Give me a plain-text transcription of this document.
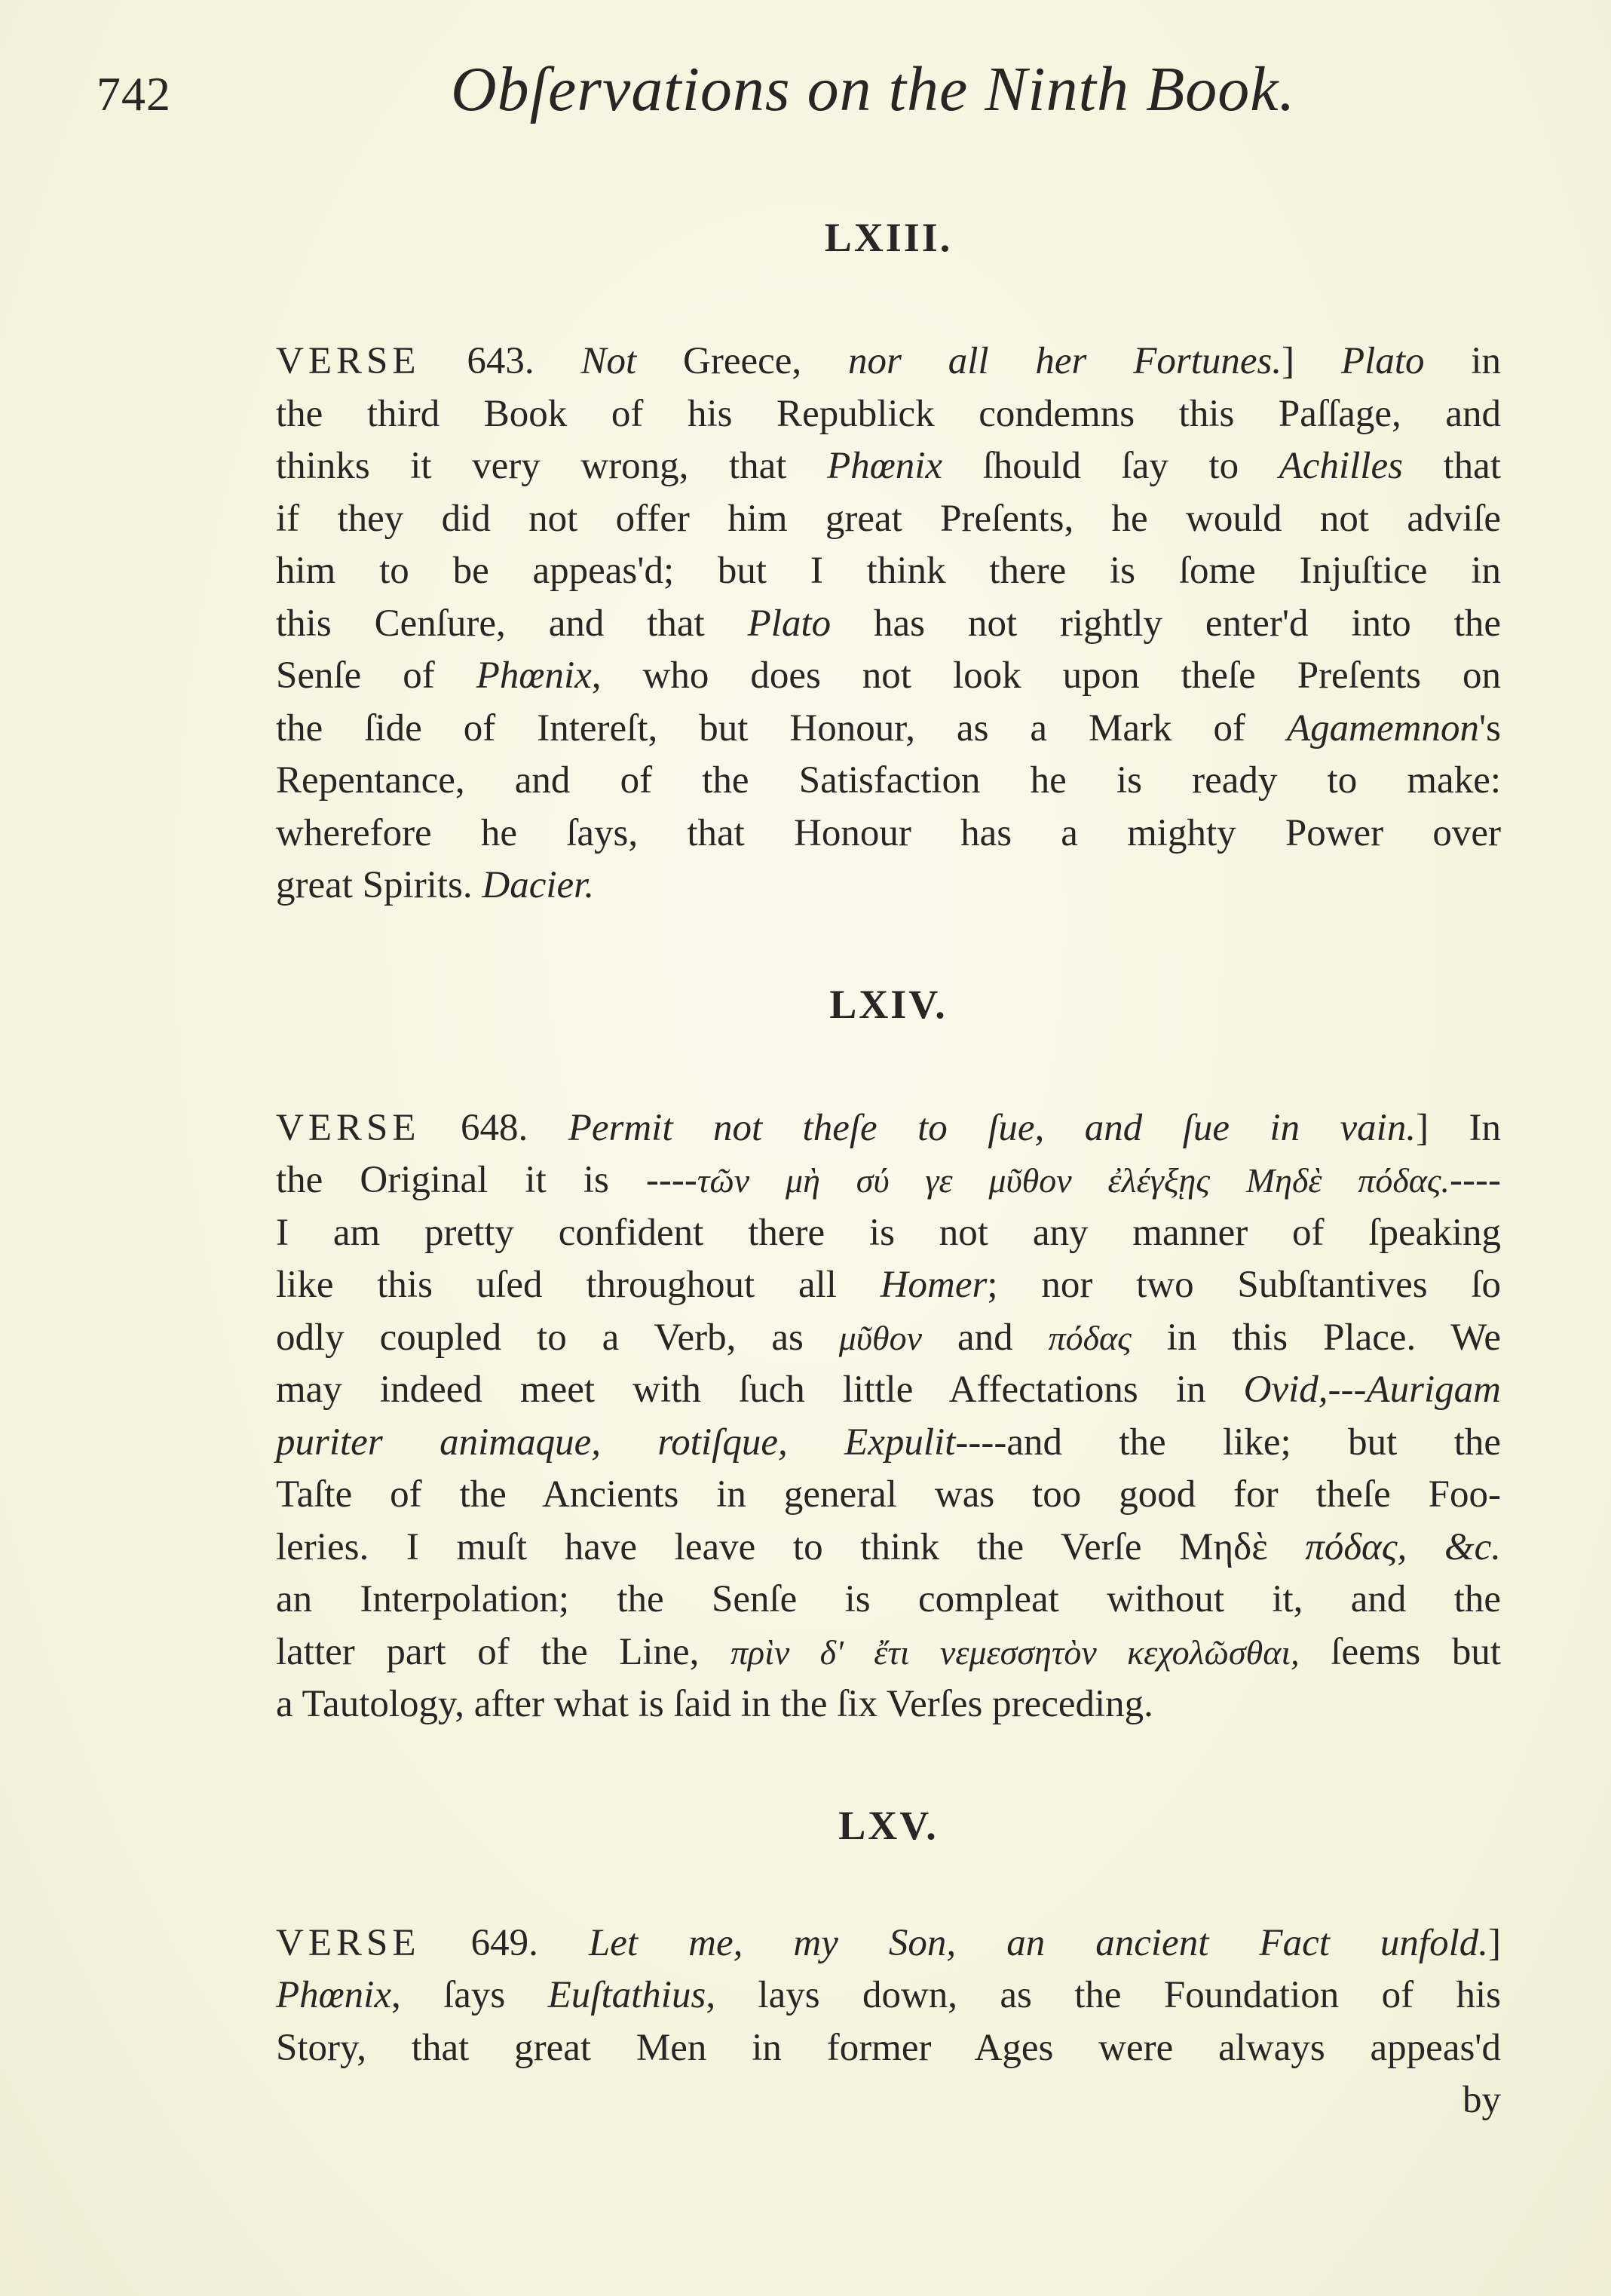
742	Obſervations on the Ninth Book.
LXIII.
VERSE 643. Not Greece, nor all her Fortunes.] Plato in
the third Book of his Republick condemns this Paſſage, and
thinks it very wrong, that Phœnix ſhould ſay to Achilles that
if they did not offer him great Preſents, he would not adviſe
him to be appeas'd; but I think there is ſome Injuſtice in
this Cenſure, and that Plato has not rightly enter'd into the
Senſe of Phœnix, who does not look upon theſe Preſents on
the ſide of Intereſt, but Honour, as a Mark of Agamemnon's
Repentance, and of the Satisfaction he is ready to make:
wherefore he ſays, that Honour has a mighty Power over
great Spirits. Dacier.
LXIV.
VERSE 648. Permit not theſe to ſue, and ſue in vain.] In
the Original it is ----τῶν μὴ σύ γε μῦθον ἐλέγξῃς Μηδὲ πόδας.----
I am pretty confident there is not any manner of ſpeaking
like this uſed throughout all Homer; nor two Subſtantives ſo
odly coupled to a Verb, as μῦθον and πόδας in this Place. We
may indeed meet with ſuch little Affectations in Ovid,---Aurigam
puriter animaque, rotiſque, Expulit----and the like; but the
Taſte of the Ancients in general was too good for theſe Foo-
leries. I muſt have leave to think the Verſe Μηδὲ πόδας, &c.
an Interpolation; the Senſe is compleat without it, and the
latter part of the Line, πρὶν δ' ἔτι νεμεσσητὸν κεχολῶσθαι, ſeems but
a Tautology, after what is ſaid in the ſix Verſes preceding.
LXV.
VERSE 649. Let me, my Son, an ancient Fact unfold.]
Phœnix, ſays Euſtathius, lays down, as the Foundation of his
Story, that great Men in former Ages were always appeas'd
by
